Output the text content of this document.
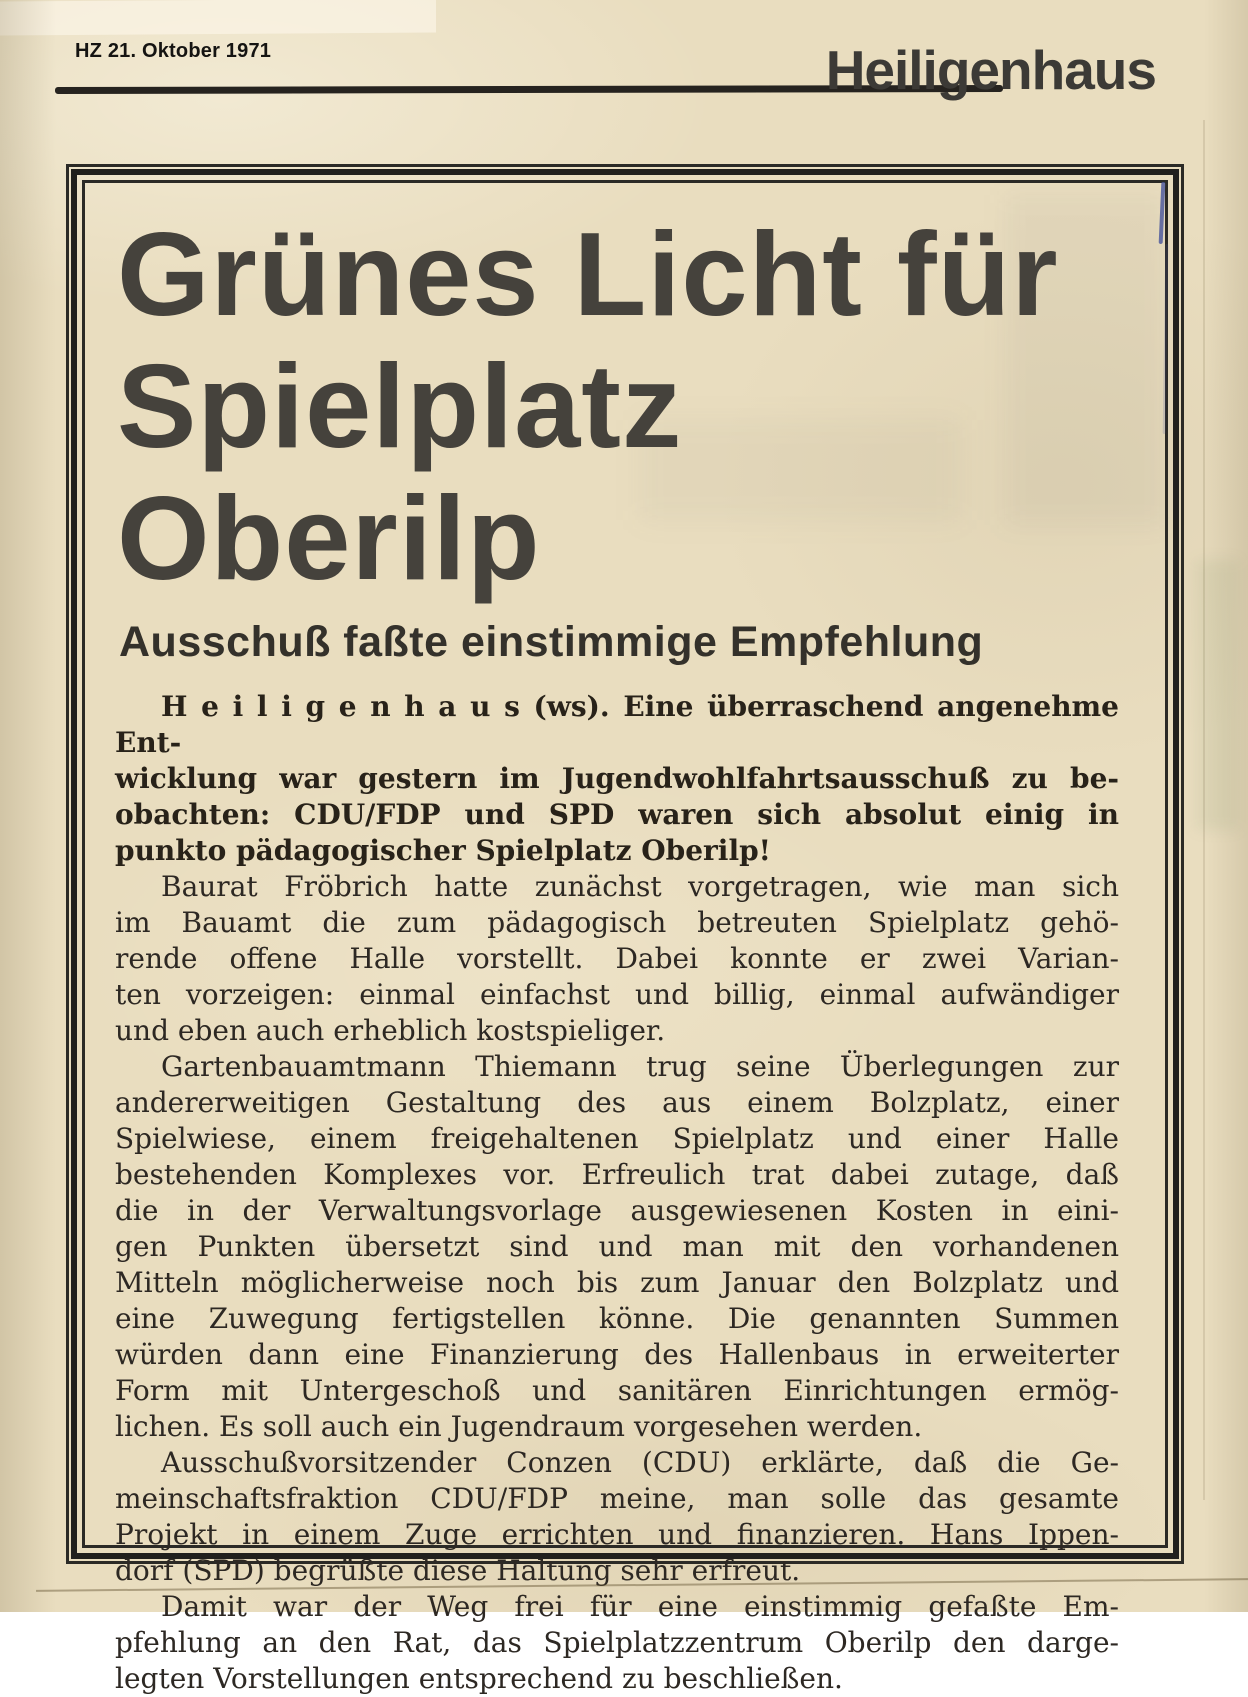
HZ 21. Oktober 1971	Heiligenhaus
Grünes Licht für
Spielplatz Oberilp
Ausschuß faßte einstimmige Empfehlung
H e i l i g e n h a u s (ws). Eine überraschend angenehme Ent-
wicklung war gestern im Jugendwohlfahrtsausschuß zu be-
obachten: CDU/FDP und SPD waren sich absolut einig in
punkto pädagogischer Spielplatz Oberilp!
Baurat Fröbrich hatte zunächst vorgetragen, wie man sich
im Bauamt die zum pädagogisch betreuten Spielplatz gehö-
rende offene Halle vorstellt. Dabei konnte er zwei Varian-
ten vorzeigen: einmal einfachst und billig, einmal aufwändiger
und eben auch erheblich kostspieliger.
Gartenbauamtmann Thiemann trug seine Überlegungen zur
andererweitigen Gestaltung des aus einem Bolzplatz, einer
Spielwiese, einem freigehaltenen Spielplatz und einer Halle
bestehenden Komplexes vor. Erfreulich trat dabei zutage, daß
die in der Verwaltungsvorlage ausgewiesenen Kosten in eini-
gen Punkten übersetzt sind und man mit den vorhandenen
Mitteln möglicherweise noch bis zum Januar den Bolzplatz und
eine Zuwegung fertigstellen könne. Die genannten Summen
würden dann eine Finanzierung des Hallenbaus in erweiterter
Form mit Untergeschoß und sanitären Einrichtungen ermög-
lichen. Es soll auch ein Jugendraum vorgesehen werden.
Ausschußvorsitzender Conzen (CDU) erklärte, daß die Ge-
meinschaftsfraktion CDU/FDP meine, man solle das gesamte
Projekt in einem Zuge errichten und finanzieren. Hans Ippen-
dorf (SPD) begrüßte diese Haltung sehr erfreut.
Damit war der Weg frei für eine einstimmig gefaßte Em-
pfehlung an den Rat, das Spielplatzzentrum Oberilp den darge-
legten Vorstellungen entsprechend zu beschließen.
